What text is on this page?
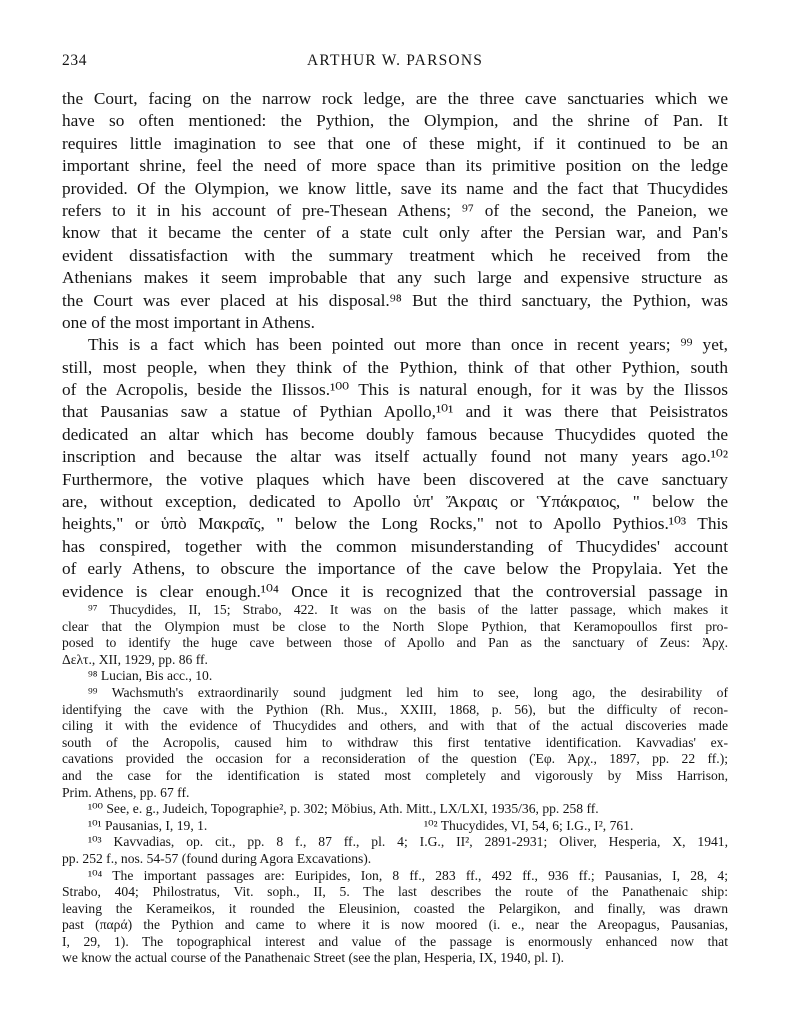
234	ARTHUR W. PARSONS
the Court, facing on the narrow rock ledge, are the three cave sanctuaries which we
have so often mentioned: the Pythion, the Olympion, and the shrine of Pan. It
requires little imagination to see that one of these might, if it continued to be an
important shrine, feel the need of more space than its primitive position on the ledge
provided. Of the Olympion, we know little, save its name and the fact that Thucydides
refers to it in his account of pre-Thesean Athens; ⁹⁷ of the second, the Paneion, we
know that it became the center of a state cult only after the Persian war, and Pan's
evident dissatisfaction with the summary treatment which he received from the
Athenians makes it seem improbable that any such large and expensive structure as
the Court was ever placed at his disposal.⁹⁸ But the third sanctuary, the Pythion, was
one of the most important in Athens.
This is a fact which has been pointed out more than once in recent years; ⁹⁹ yet,
still, most people, when they think of the Pythion, think of that other Pythion, south
of the Acropolis, beside the Ilissos.¹⁰⁰ This is natural enough, for it was by the Ilissos
that Pausanias saw a statue of Pythian Apollo,¹⁰¹ and it was there that Peisistratos
dedicated an altar which has become doubly famous because Thucydides quoted the
inscription and because the altar was itself actually found not many years ago.¹⁰²
Furthermore, the votive plaques which have been discovered at the cave sanctuary
are, without exception, dedicated to Apollo ὑπ' Ἄκραις or Ὑπάκραιος, " below the
heights," or ὑπὸ Μακραῖς, " below the Long Rocks," not to Apollo Pythios.¹⁰³ This
has conspired, together with the common misunderstanding of Thucydides' account
of early Athens, to obscure the importance of the cave below the Propylaia. Yet the
evidence is clear enough.¹⁰⁴ Once it is recognized that the controversial passage in
⁹⁷ Thucydides, II, 15; Strabo, 422. It was on the basis of the latter passage, which makes it
clear that the Olympion must be close to the North Slope Pythion, that Keramopoullos first pro-
posed to identify the huge cave between those of Apollo and Pan as the sanctuary of Zeus: Ἀρχ.
Δελτ., XII, 1929, pp. 86 ff.
⁹⁸ Lucian, Bis acc., 10.
⁹⁹ Wachsmuth's extraordinarily sound judgment led him to see, long ago, the desirability of
identifying the cave with the Pythion (Rh. Mus., XXIII, 1868, p. 56), but the difficulty of recon-
ciling it with the evidence of Thucydides and others, and with that of the actual discoveries made
south of the Acropolis, caused him to withdraw this first tentative identification. Kavvadias' ex-
cavations provided the occasion for a reconsideration of the question (Ἐφ. Ἀρχ., 1897, pp. 22 ff.);
and the case for the identification is stated most completely and vigorously by Miss Harrison,
Prim. Athens, pp. 67 ff.
¹⁰⁰ See, e. g., Judeich, Topographie², p. 302; Möbius, Ath. Mitt., LX/LXI, 1935/36, pp. 258 ff.
¹⁰¹ Pausanias, I, 19, 1.	¹⁰² Thucydides, VI, 54, 6; I.G., I², 761.
¹⁰³ Kavvadias, op. cit., pp. 8 f., 87 ff., pl. 4; I.G., II², 2891-2931; Oliver, Hesperia, X, 1941,
pp. 252 f., nos. 54-57 (found during Agora Excavations).
¹⁰⁴ The important passages are: Euripides, Ion, 8 ff., 283 ff., 492 ff., 936 ff.; Pausanias, I, 28, 4;
Strabo, 404; Philostratus, Vit. soph., II, 5. The last describes the route of the Panathenaic ship:
leaving the Kerameikos, it rounded the Eleusinion, coasted the Pelargikon, and finally, was drawn
past (παρά) the Pythion and came to where it is now moored (i. e., near the Areopagus, Pausanias,
I, 29, 1). The topographical interest and value of the passage is enormously enhanced now that
we know the actual course of the Panathenaic Street (see the plan, Hesperia, IX, 1940, pl. I).
